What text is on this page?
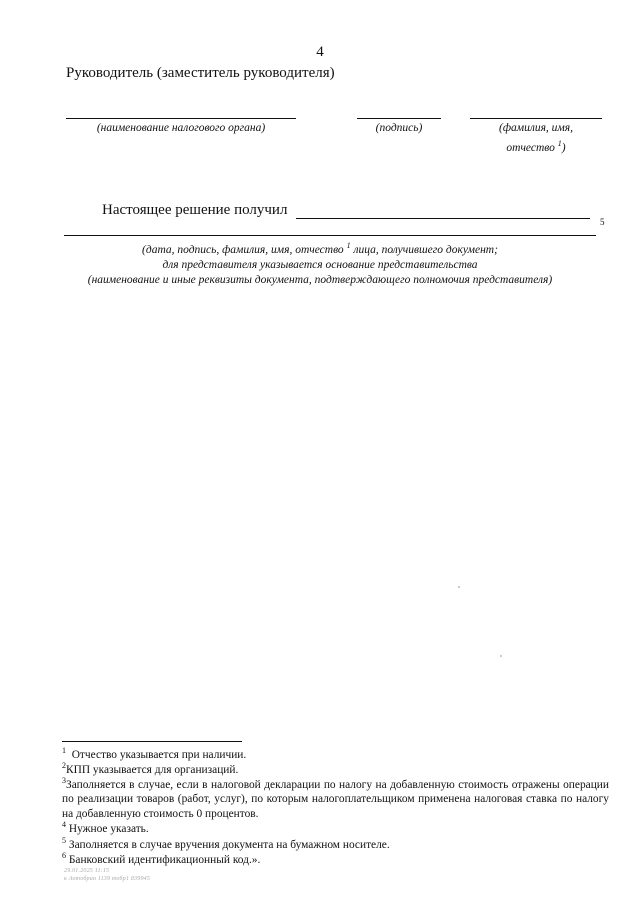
4
Руководитель (заместитель руководителя)
(наименование налогового органа)	(подпись)	(фамилия, имя,
отчество $^1$)
Настоящее решение получил
5
(дата, подпись, фамилия, имя, отчество $^1$ лица, получившего документ;
для представителя указывается основание представительства
(наименование и иные реквизиты документа, подтверждающего полномочия представителя)
$^1$ Отчество указывается при наличии.
$^2$КПП указывается для организаций.
$^3$Заполняется в случае, если в налоговой декларации по налогу на добавленную стоимость отражены операции по реализации товаров (работ, услуг), по которым налогоплательщиком применена налоговая ставка по налогу на добавленную стоимость 0 процентов.
$^4$ Нужное указать.
$^5$ Заполняется в случае вручения документа на бумажном носителе.
$^6$ Банковский идентификационный код.».
29.01.2025 11:15
к Аотобрин 1139 тобр1 839945
